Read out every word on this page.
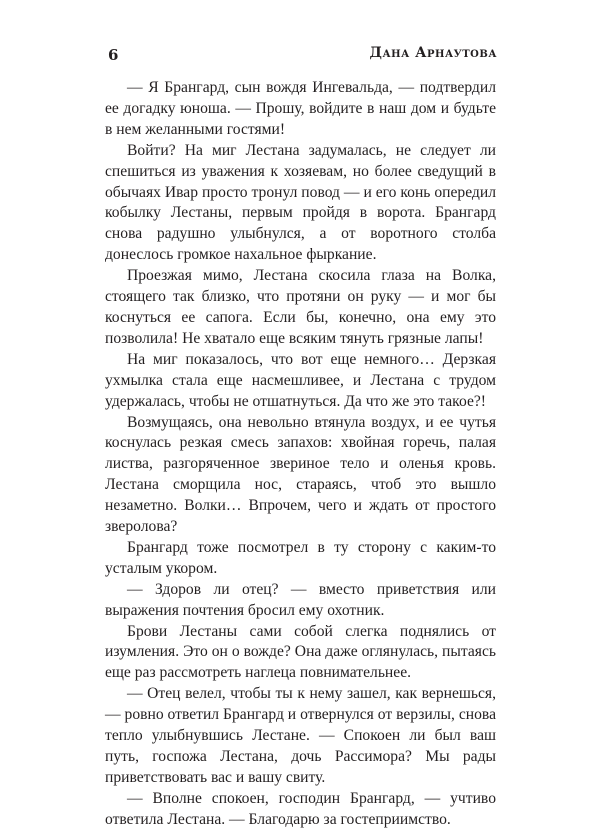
6	Дана Арнаутова

— Я Брангард, сын вождя Ингевальда, — подтвердил ее догадку юноша. — Прошу, войдите в наш дом и будьте в нем желанными гостями!

Войти? На миг Лестана задумалась, не следует ли спешиться из уважения к хозяевам, но более сведущий в обычаях Ивар просто тронул повод — и его конь опередил кобылку Лестаны, первым пройдя в ворота. Брангард снова радушно улыбнулся, а от воротного столба донеслось громкое нахальное фыркание.

Проезжая мимо, Лестана скосила глаза на Волка, стоящего так близко, что протяни он руку — и мог бы коснуться ее сапога. Если бы, конечно, она ему это позволила! Не хватало еще всяким тянуть грязные лапы!

На миг показалось, что вот еще немного… Дерзкая ухмылка стала еще насмешливее, и Лестана с трудом удержалась, чтобы не отшатнуться. Да что же это такое?!

Возмущаясь, она невольно втянула воздух, и ее чутья коснулась резкая смесь запахов: хвойная горечь, палая листва, разгоряченное звериное тело и оленья кровь. Лестана сморщила нос, стараясь, чтоб это вышло незаметно. Волки… Впрочем, чего и ждать от простого зверолова?

Брангард тоже посмотрел в ту сторону с каким-то усталым укором.

— Здоров ли отец? — вместо приветствия или выражения почтения бросил ему охотник.

Брови Лестаны сами собой слегка поднялись от изумления. Это он о вожде? Она даже оглянулась, пытаясь еще раз рассмотреть наглеца повнимательнее.

— Отец велел, чтобы ты к нему зашел, как вернешься, — ровно ответил Брангард и отвернулся от верзилы, снова тепло улыбнувшись Лестане. — Спокоен ли был ваш путь, госпожа Лестана, дочь Рассимора? Мы рады приветствовать вас и вашу свиту.

— Вполне спокоен, господин Брангард, — учтиво ответила Лестана. — Благодарю за гостеприимство.
